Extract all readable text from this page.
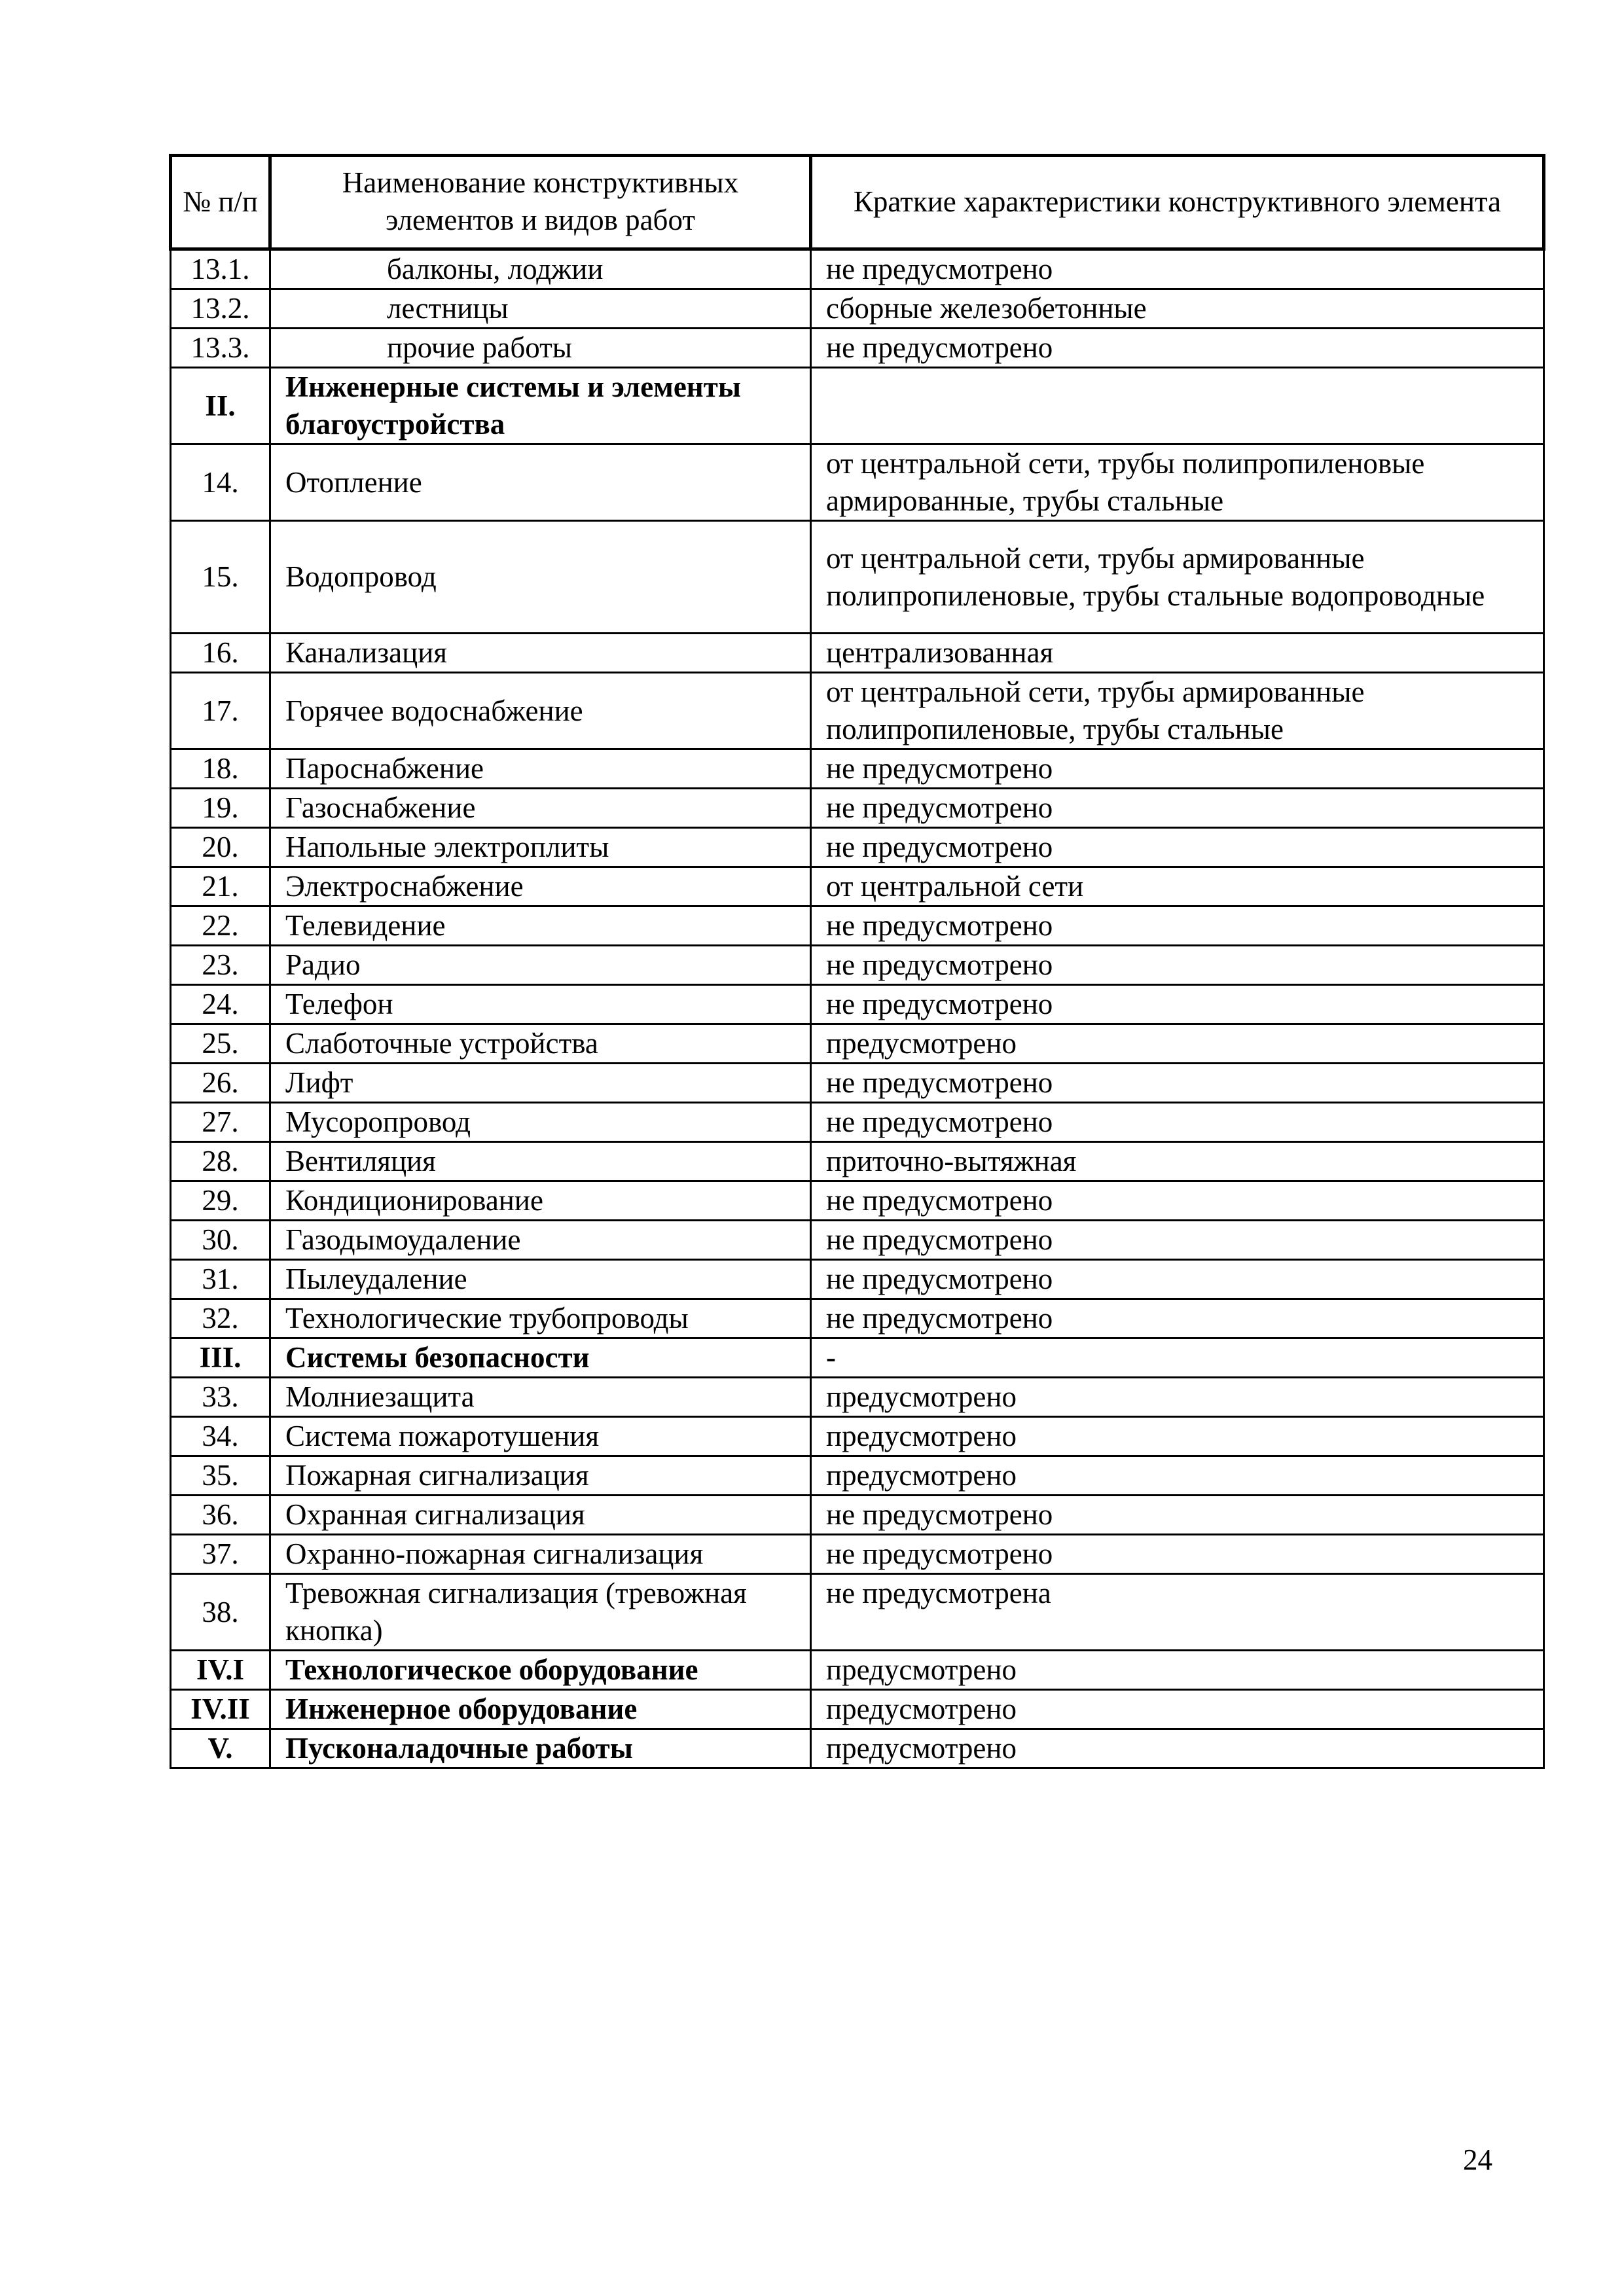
№ п/п	Наименование конструктивных элементов и видов работ	Краткие характеристики конструктивного элемента
13.1.	балконы, лоджии	не предусмотрено
13.2.	лестницы	сборные железобетонные
13.3.	прочие работы	не предусмотрено
II.	Инженерные системы и элементы благоустройства	
14.	Отопление	от центральной сети, трубы полипропиленовые армированные, трубы стальные
15.	Водопровод	от центральной сети, трубы армированные полипропиленовые, трубы стальные водопроводные
16.	Канализация	централизованная
17.	Горячее водоснабжение	от центральной сети, трубы армированные полипропиленовые, трубы стальные
18.	Пароснабжение	не предусмотрено
19.	Газоснабжение	не предусмотрено
20.	Напольные электроплиты	не предусмотрено
21.	Электроснабжение	от центральной сети
22.	Телевидение	не предусмотрено
23.	Радио	не предусмотрено
24.	Телефон	не предусмотрено
25.	Слаботочные устройства	предусмотрено
26.	Лифт	не предусмотрено
27.	Мусоропровод	не предусмотрено
28.	Вентиляция	приточно-вытяжная
29.	Кондиционирование	не предусмотрено
30.	Газодымоудаление	не предусмотрено
31.	Пылеудаление	не предусмотрено
32.	Технологические трубопроводы	не предусмотрено
III.	Системы безопасности	-
33.	Молниезащита	предусмотрено
34.	Система пожаротушения	предусмотрено
35.	Пожарная сигнализация	предусмотрено
36.	Охранная сигнализация	не предусмотрено
37.	Охранно-пожарная сигнализация	не предусмотрено
38.	Тревожная сигнализация (тревожная кнопка)	не предусмотрена
IV.I	Технологическое оборудование	предусмотрено
IV.II	Инженерное оборудование	предусмотрено
V.	Пусконаладочные работы	предусмотрено
24
